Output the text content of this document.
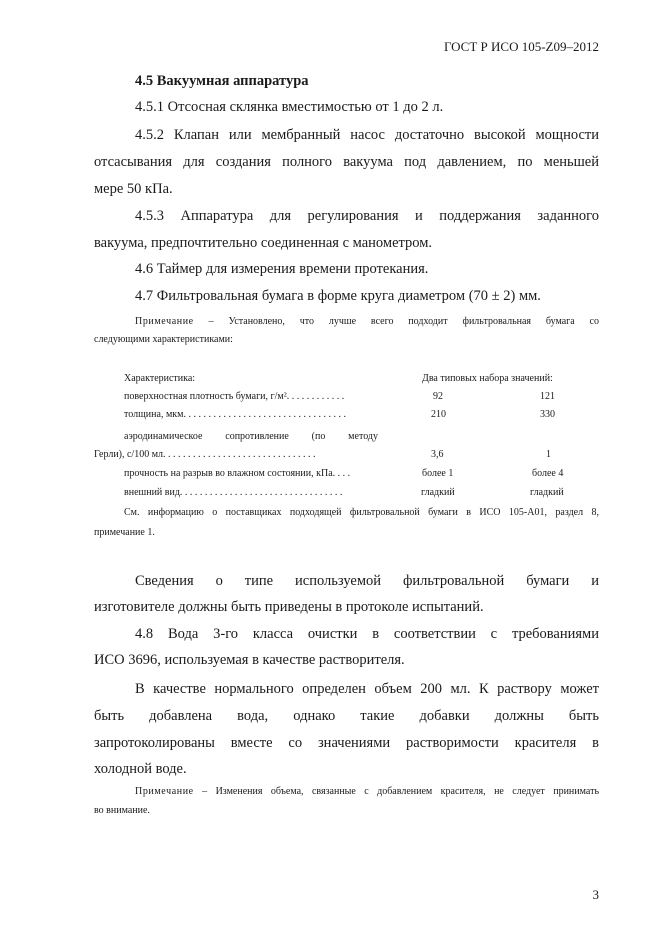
ГОСТ Р ИСО 105-Z09–2012
4.5 Вакуумная аппаратура
4.5.1 Отсосная склянка вместимостью от 1 до 2 л.
4.5.2 Клапан или мембранный насос достаточно высокой мощности
отсасывания для создания полного вакуума под давлением, по меньшей
мере 50 кПа.
4.5.3 Аппаратура для регулирования и поддержания заданного
вакуума, предпочтительно соединенная с манометром.
4.6 Таймер для измерения времени протекания.
4.7 Фильтровальная бумага в форме круга диаметром (70 ± 2) мм.
Примечание – Установлено, что лучше всего подходит фильтровальная бумага со
следующими характеристиками:
Характеристика:	Два типовых набора значений:
поверхностная плотность бумаги, г/м². . . . . . . . . . . .	92	121
толщина, мкм. . . . . . . . . . . . . . . . . . . . . . . . . . . . . . . . .	210	330
аэродинамическое сопротивление (по методу
Герли), с/100 мл. . . . . . . . . . . . . . . . . . . . . . . . . . . . . . .	3,6	1
прочность на разрыв во влажном состоянии, кПа. . . .	более 1	более 4
внешний вид. . . . . . . . . . . . . . . . . . . . . . . . . . . . . . . . .	гладкий	гладкий
См. информацию о поставщиках подходящей фильтровальной бумаги в ИСО 105-A01, раздел 8,
примечание 1.
Сведения о типе используемой фильтровальной бумаги и
изготовителе должны быть приведены в протоколе испытаний.
4.8 Вода 3-го класса очистки в соответствии с требованиями
ИСО 3696, используемая в качестве растворителя.
В качестве нормального определен объем 200 мл. К раствору может
быть добавлена вода, однако такие добавки должны быть
запротоколированы вместе со значениями растворимости красителя в
холодной воде.
Примечание – Изменения объема, связанные с добавлением красителя, не следует принимать
во внимание.
3
